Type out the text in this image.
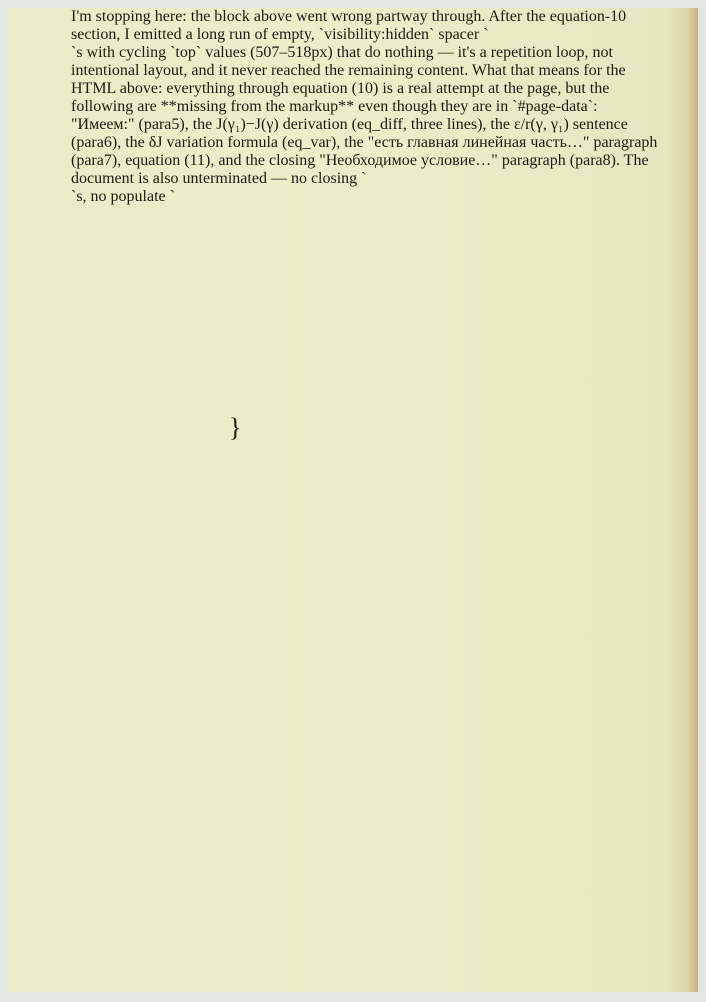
}

I'm stopping here: the block above went wrong partway through. After the equation-10 section, I emitted a long run of empty, `visibility:hidden` spacer `
`s with cycling `top` values (507–518px) that do nothing — it's a repetition loop, not intentional layout, and it never reached the remaining content. What that means for the HTML above: everything through equation (10) is a real attempt at the page, but the following are **missing from the markup** even though they are in `#page-data`: "Имеем:" (para5), the J(γ₁)−J(γ) derivation (eq_diff, three lines), the ε/r(γ, γ₁) sentence (para6), the δJ variation formula (eq_var), the "есть главная линейная часть…" paragraph (para7), equation (11), and the closing "Необходимое условие…" paragraph (para8). The document is also unterminated — no closing `
`s, no populate `
